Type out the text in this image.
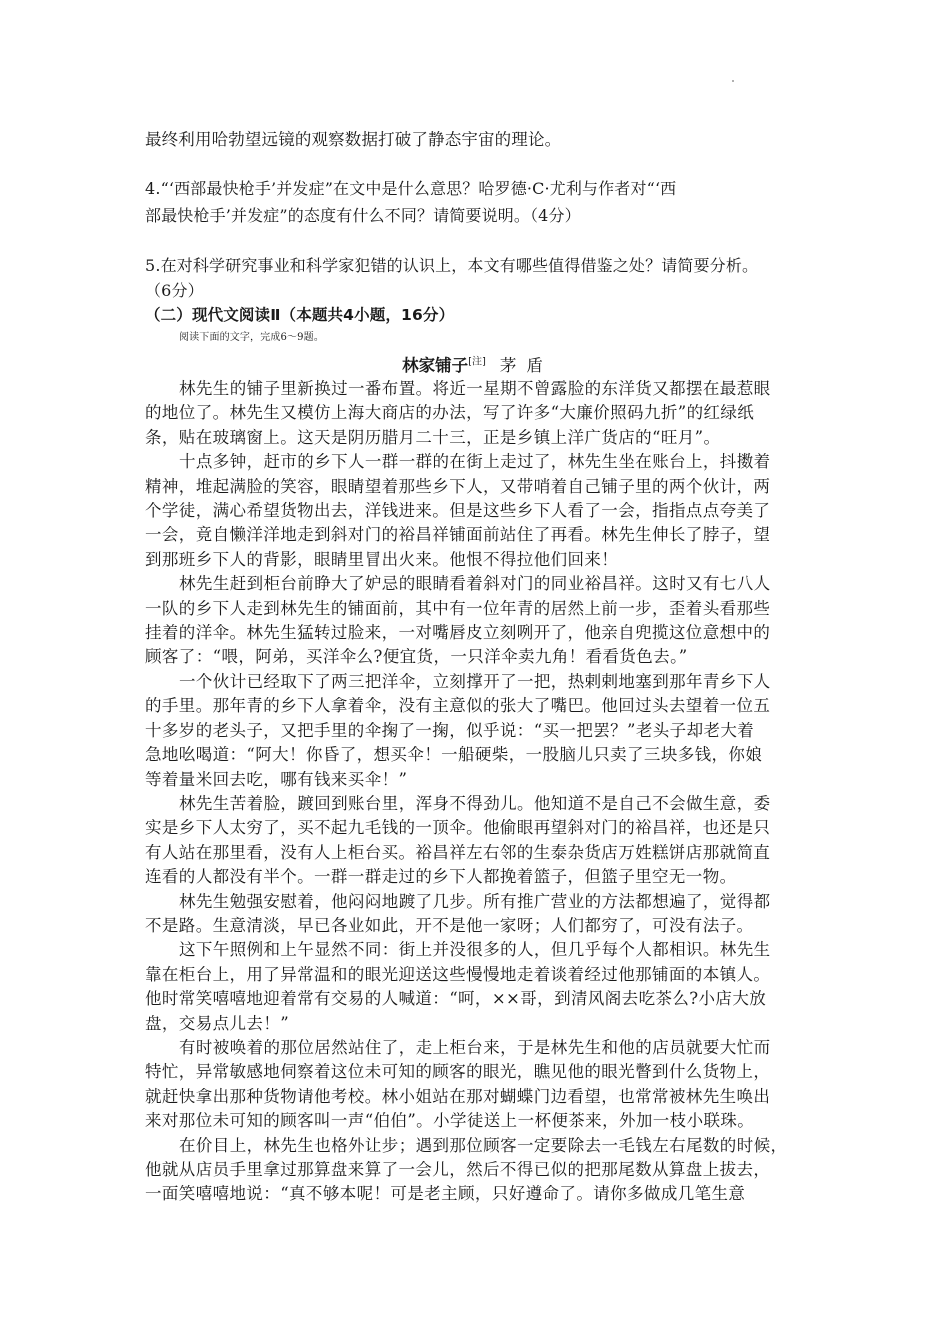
最终利用哈勃望远镜的观察数据打破了静态宇宙的理论。
4.“‘西部最快枪手’并发症”在文中是什么意思？哈罗德·C·尤利与作者对“‘西
部最快枪手’并发症”的态度有什么不同？请简要说明。（4分）
5.在对科学研究事业和科学家犯错的认识上，本文有哪些值得借鉴之处？请简要分析。
（6分）
（二）现代文阅读Ⅱ（本题共4小题，16分）
阅读下面的文字，完成6～9题。
林家铺子[注] 茅盾
林先生的铺子里新换过一番布置。将近一星期不曾露脸的东洋货又都摆在最惹眼
的地位了。林先生又模仿上海大商店的办法，写了许多“大廉价照码九折”的红绿纸
条，贴在玻璃窗上。这天是阴历腊月二十三，正是乡镇上洋广货店的“旺月”。
十点多钟，赶市的乡下人一群一群的在街上走过了，林先生坐在账台上，抖擞着
精神，堆起满脸的笑容，眼睛望着那些乡下人，又带哨着自己铺子里的两个伙计，两
个学徒，满心希望货物出去，洋钱进来。但是这些乡下人看了一会，指指点点夸美了
一会，竟自懒洋洋地走到斜对门的裕昌祥铺面前站住了再看。林先生伸长了脖子，望
到那班乡下人的背影，眼睛里冒出火来。他恨不得拉他们回来！
林先生赶到柜台前睁大了妒忌的眼睛看着斜对门的同业裕昌祥。这时又有七八人
一队的乡下人走到林先生的铺面前，其中有一位年青的居然上前一步，歪着头看那些
挂着的洋伞。林先生猛转过脸来，一对嘴唇皮立刻咧开了，他亲自兜揽这位意想中的
顾客了：“喂，阿弟，买洋伞么?便宜货，一只洋伞卖九角！看看货色去。”
一个伙计已经取下了两三把洋伞，立刻撑开了一把，热剌剌地塞到那年青乡下人
的手里。那年青的乡下人拿着伞，没有主意似的张大了嘴巴。他回过头去望着一位五
十多岁的老头子，又把手里的伞掬了一掬，似乎说：“买一把罢？”老头子却老大着
急地吆喝道：“阿大！你昏了，想买伞！一船硬柴，一股脑儿只卖了三块多钱，你娘
等着量米回去吃，哪有钱来买伞！”
林先生苦着脸，踱回到账台里，浑身不得劲儿。他知道不是自己不会做生意，委
实是乡下人太穷了，买不起九毛钱的一顶伞。他偷眼再望斜对门的裕昌祥，也还是只
有人站在那里看，没有人上柜台买。裕昌祥左右邻的生泰杂货店万姓糕饼店那就简直
连看的人都没有半个。一群一群走过的乡下人都挽着篮子，但篮子里空无一物。
林先生勉强安慰着，他闷闷地踱了几步。所有推广营业的方法都想遍了，觉得都
不是路。生意清淡，早已各业如此，开不是他一家呀；人们都穷了，可没有法子。
这下午照例和上午显然不同：街上并没很多的人，但几乎每个人都相识。林先生
靠在柜台上，用了异常温和的眼光迎送这些慢慢地走着谈着经过他那铺面的本镇人。
他时常笑嘻嘻地迎着常有交易的人喊道：“呵，××哥，到清风阁去吃茶么?小店大放
盘，交易点儿去！”
有时被唤着的那位居然站住了，走上柜台来，于是林先生和他的店员就要大忙而
特忙，异常敏感地伺察着这位未可知的顾客的眼光，瞧见他的眼光瞥到什么货物上，
就赶快拿出那种货物请他考校。林小姐站在那对蝴蝶门边看望，也常常被林先生唤出
来对那位未可知的顾客叫一声“伯伯”。小学徒送上一杯便茶来，外加一枝小联珠。
在价目上，林先生也格外让步；遇到那位顾客一定要除去一毛钱左右尾数的时候，
他就从店员手里拿过那算盘来算了一会儿，然后不得已似的把那尾数从算盘上拔去，
一面笑嘻嘻地说：“真不够本呢！可是老主顾，只好遵命了。请你多做成几笔生意
